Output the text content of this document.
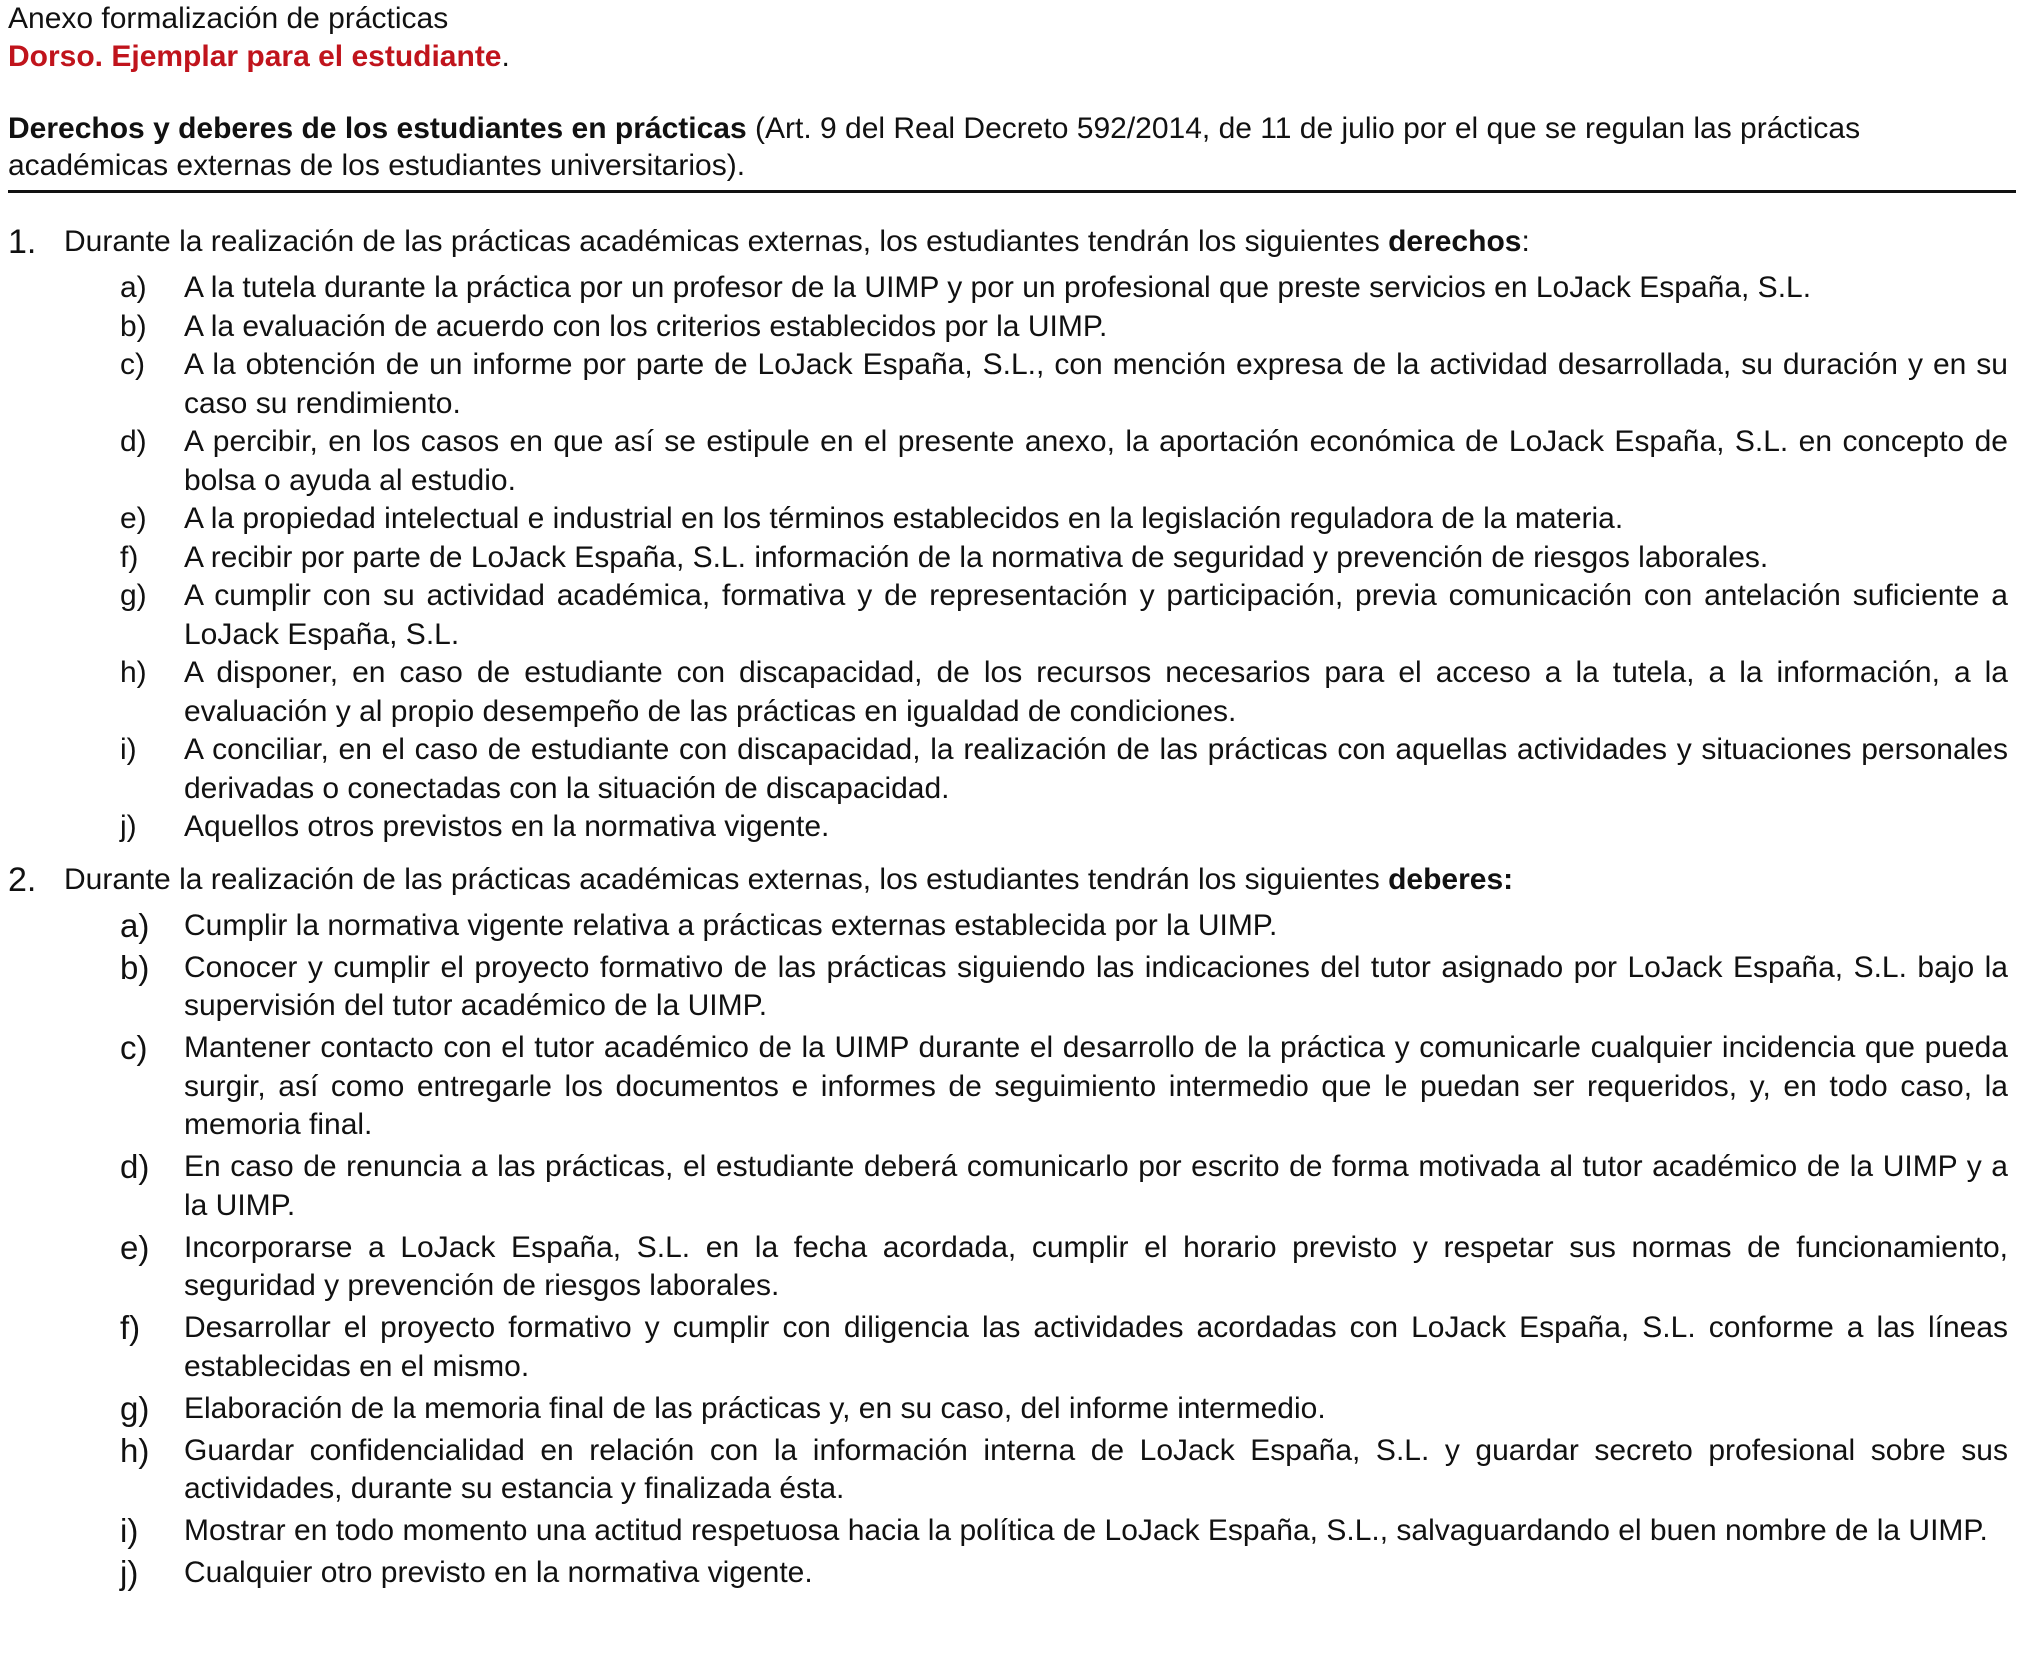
Anexo formalización de prácticas

Dorso. Ejemplar para el estudiante.

Derechos y deberes de los estudiantes en prácticas (Art. 9 del Real Decreto 592/2014, de 11 de julio por el que se regulan las prácticas académicas externas de los estudiantes universitarios).
1. Durante la realización de las prácticas académicas externas, los estudiantes tendrán los siguientes derechos:
a)	A la tutela durante la práctica por un profesor de la UIMP y por un profesional que preste servicios en LoJack España, S.L.
b)	A la evaluación de acuerdo con los criterios establecidos por la UIMP.
c)	A la obtención de un informe por parte de LoJack España, S.L., con mención expresa de la actividad desarrollada, su duración y en su caso su rendimiento.
d)	A percibir, en los casos en que así se estipule en el presente anexo, la aportación económica de LoJack España, S.L. en concepto de bolsa o ayuda al estudio.
e)	A la propiedad intelectual e industrial en los términos establecidos en la legislación reguladora de la materia.
f)	A recibir por parte de LoJack España, S.L. información de la normativa de seguridad y prevención de riesgos laborales.
g)	A cumplir con su actividad académica, formativa y de representación y participación, previa comunicación con antelación suficiente a LoJack España, S.L.
h)	A disponer, en caso de estudiante con discapacidad, de los recursos necesarios para el acceso a la tutela, a la información, a la evaluación y al propio desempeño de las prácticas en igualdad de condiciones.
i)	A conciliar, en el caso de estudiante con discapacidad, la realización de las prácticas con aquellas actividades y situaciones personales derivadas o conectadas con la situación de discapacidad.
j)	Aquellos otros previstos en la normativa vigente.
2. Durante la realización de las prácticas académicas externas, los estudiantes tendrán los siguientes deberes:
a)	Cumplir la normativa vigente relativa a prácticas externas establecida por la UIMP.
b)	Conocer y cumplir el proyecto formativo de las prácticas siguiendo las indicaciones del tutor asignado por LoJack España, S.L. bajo la supervisión del tutor académico de la UIMP.
c)	Mantener contacto con el tutor académico de la UIMP durante el desarrollo de la práctica y comunicarle cualquier incidencia que pueda surgir, así como entregarle los documentos e informes de seguimiento intermedio que le puedan ser requeridos, y, en todo caso, la memoria final.
d)	En caso de renuncia a las prácticas, el estudiante deberá comunicarlo por escrito de forma motivada al tutor académico de la UIMP y a la UIMP.
e)	Incorporarse a LoJack España, S.L. en la fecha acordada, cumplir el horario previsto y respetar sus normas de funcionamiento, seguridad y prevención de riesgos laborales.
f)	Desarrollar el proyecto formativo y cumplir con diligencia las actividades acordadas con LoJack España, S.L. conforme a las líneas establecidas en el mismo.
g)	Elaboración de la memoria final de las prácticas y, en su caso, del informe intermedio.
h)	Guardar confidencialidad en relación con la información interna de LoJack España, S.L. y guardar secreto profesional sobre sus actividades, durante su estancia y finalizada ésta.
i)	Mostrar en todo momento una actitud respetuosa hacia la política de LoJack España, S.L., salvaguardando el buen nombre de la UIMP.
j)	Cualquier otro previsto en la normativa vigente.
